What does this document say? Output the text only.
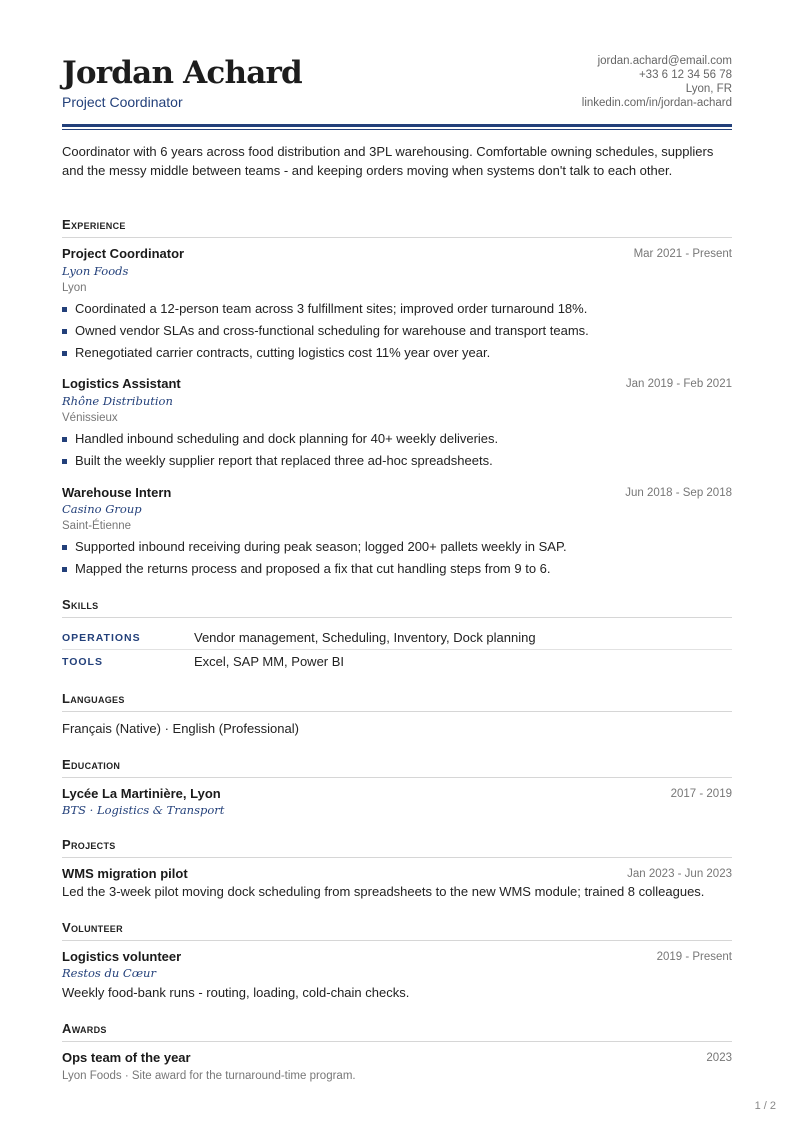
Jordan Achard
Project Coordinator
jordan.achard@email.com
+33 6 12 34 56 78
Lyon, FR
linkedin.com/in/jordan-achard
Coordinator with 6 years across food distribution and 3PL warehousing. Comfortable owning schedules, suppliers and the messy middle between teams - and keeping orders moving when systems don't talk to each other.
Experience
Project Coordinator	Mar 2021 - Present
Lyon Foods
Lyon
Coordinated a 12-person team across 3 fulfillment sites; improved order turnaround 18%.
Owned vendor SLAs and cross-functional scheduling for warehouse and transport teams.
Renegotiated carrier contracts, cutting logistics cost 11% year over year.
Logistics Assistant	Jan 2019 - Feb 2021
Rhône Distribution
Vénissieux
Handled inbound scheduling and dock planning for 40+ weekly deliveries.
Built the weekly supplier report that replaced three ad-hoc spreadsheets.
Warehouse Intern	Jun 2018 - Sep 2018
Casino Group
Saint-Étienne
Supported inbound receiving during peak season; logged 200+ pallets weekly in SAP.
Mapped the returns process and proposed a fix that cut handling steps from 9 to 6.
Skills
OPERATIONS	Vendor management, Scheduling, Inventory, Dock planning
TOOLS	Excel, SAP MM, Power BI
Languages
Français (Native) · English (Professional)
Education
Lycée La Martinière, Lyon	2017 - 2019
BTS · Logistics & Transport
Projects
WMS migration pilot	Jan 2023 - Jun 2023
Led the 3-week pilot moving dock scheduling from spreadsheets to the new WMS module; trained 8 colleagues.
Volunteer
Logistics volunteer	2019 - Present
Restos du Cœur
Weekly food-bank runs - routing, loading, cold-chain checks.
Awards
Ops team of the year	2023
Lyon Foods · Site award for the turnaround-time program.
1 / 2
